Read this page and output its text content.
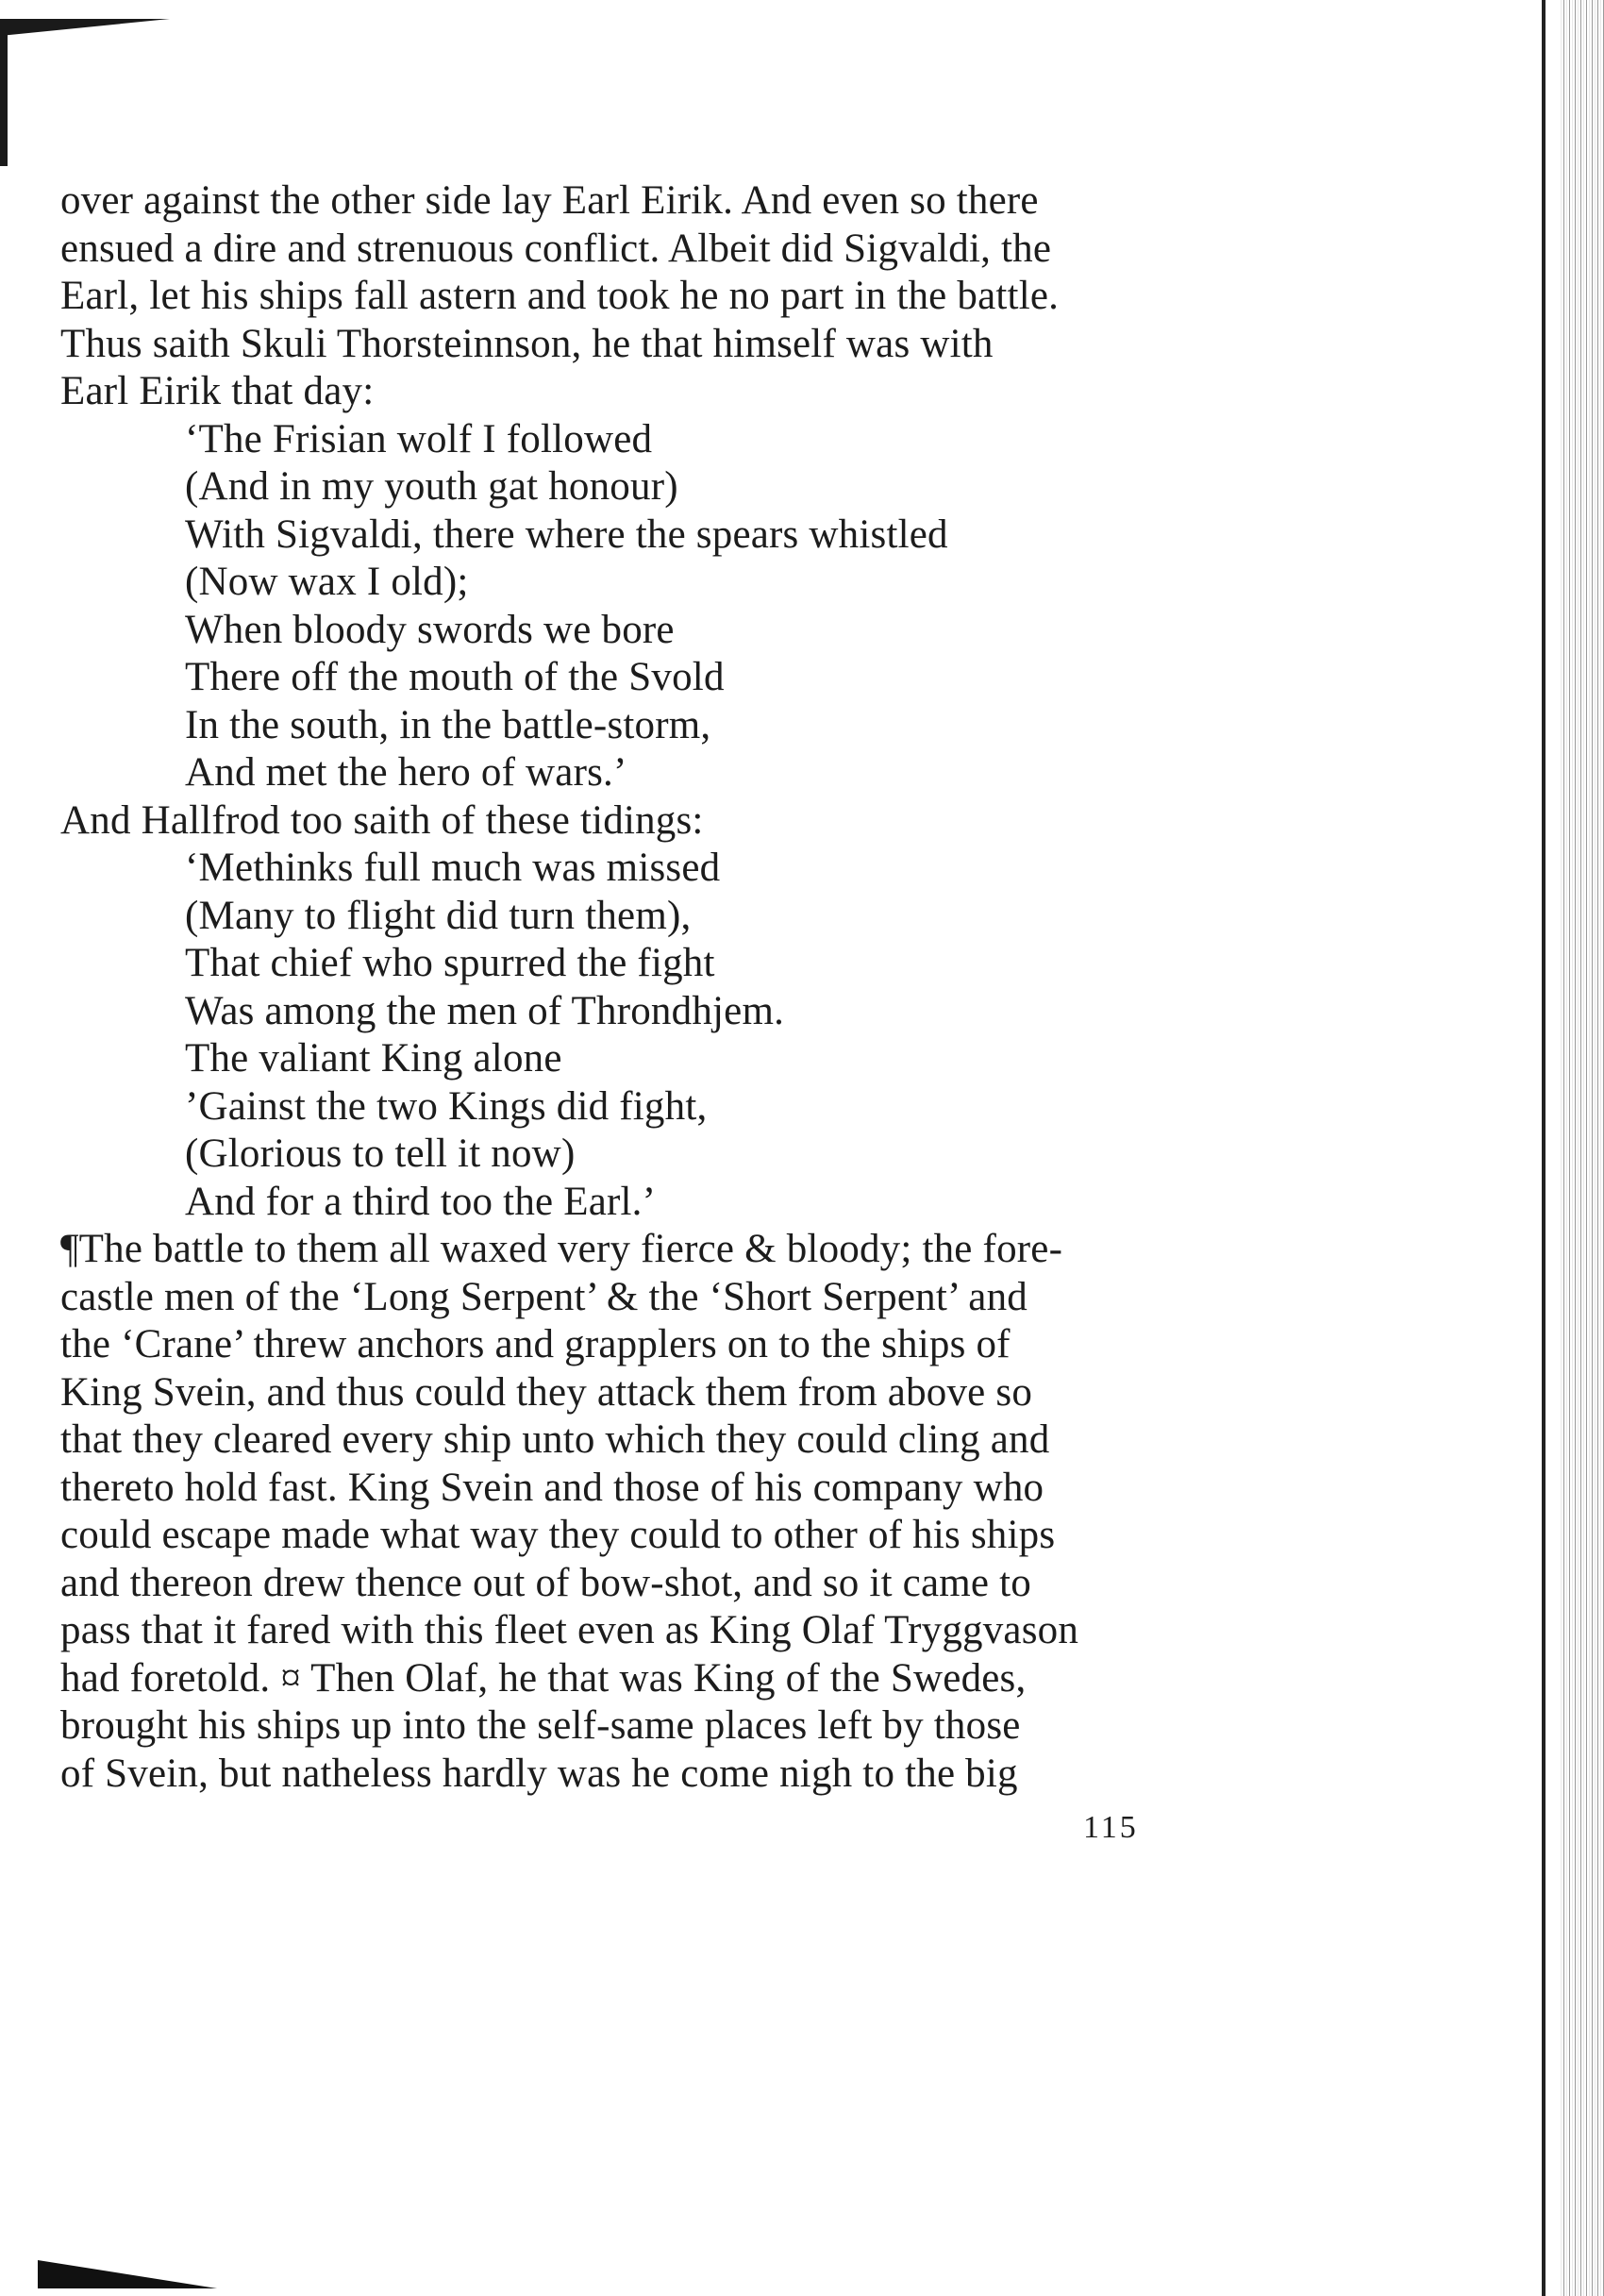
over against the other side lay Earl Eirik. And even so there
ensued a dire and strenuous conflict. Albeit did Sigvaldi, the
Earl, let his ships fall astern and took he no part in the battle.
Thus saith Skuli Thorsteinnson, he that himself was with
Earl Eirik that day:
‘The Frisian wolf I followed
(And in my youth gat honour)
With Sigvaldi, there where the spears whistled
(Now wax I old);
When bloody swords we bore
There off the mouth of the Svold
In the south, in the battle-storm,
And met the hero of wars.’
And Hallfrod too saith of these tidings:
‘Methinks full much was missed
(Many to flight did turn them),
That chief who spurred the fight
Was among the men of Throndhjem.
The valiant King alone
’Gainst the two Kings did fight,
(Glorious to tell it now)
And for a third too the Earl.’
¶The battle to them all waxed very fierce & bloody; the fore-
castle men of the ‘Long Serpent’ & the ‘Short Serpent’ and
the ‘Crane’ threw anchors and grapplers on to the ships of
King Svein, and thus could they attack them from above so
that they cleared every ship unto which they could cling and
thereto hold fast. King Svein and those of his company who
could escape made what way they could to other of his ships
and thereon drew thence out of bow-shot, and so it came to
pass that it fared with this fleet even as King Olaf Tryggvason
had foretold. ¤ Then Olaf, he that was King of the Swedes,
brought his ships up into the self-same places left by those
of Svein, but natheless hardly was he come nigh to the big
115
